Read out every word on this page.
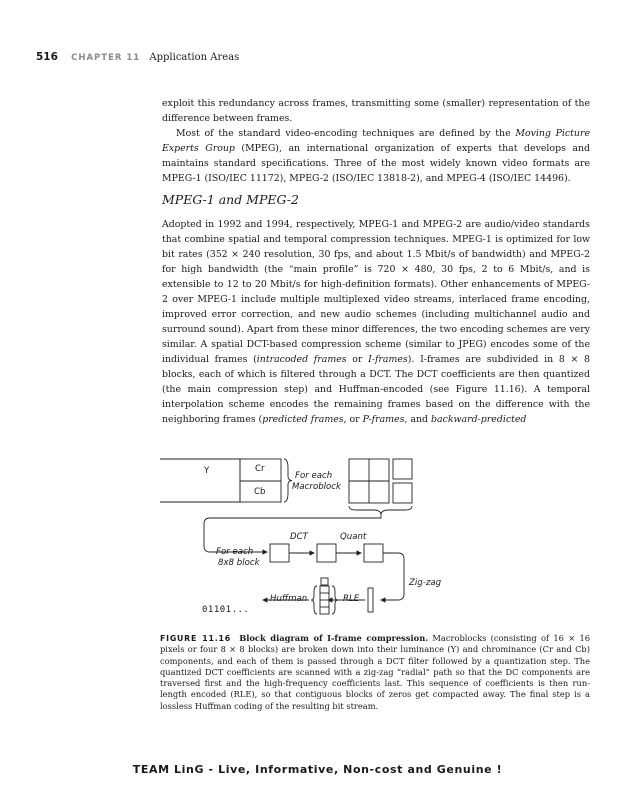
516 CHAPTER 11 Application Areas

exploit this redundancy across frames, transmitting some (smaller) representation of the difference between frames.

Most of the standard video-encoding techniques are defined by the Moving Picture Experts Group (MPEG), an international organization of experts that develops and maintains standard specifications. Three of the most widely known video formats are MPEG-1 (ISO/IEC 11172), MPEG-2 (ISO/IEC 13818-2), and MPEG-4 (ISO/IEC 14496).

MPEG-1 and MPEG-2

Adopted in 1992 and 1994, respectively, MPEG-1 and MPEG-2 are audio/video standards that combine spatial and temporal compression techniques. MPEG-1 is optimized for low bit rates (352 × 240 resolution, 30 fps, and about 1.5 Mbit/s of bandwidth) and MPEG-2 for high bandwidth (the “main profile” is 720 × 480, 30 fps, 2 to 6 Mbit/s, and is extensible to 12 to 20 Mbit/s for high-definition formats). Other enhancements of MPEG-2 over MPEG-1 include multiple multiplexed video streams, interlaced frame encoding, improved error correction, and new audio schemes (including multichannel audio and surround sound). Apart from these minor differences, the two encoding schemes are very similar. A spatial DCT-based compression scheme (similar to JPEG) encodes some of the individual frames (intracoded frames or I-frames). I-frames are subdivided in 8 × 8 blocks, each of which is filtered through a DCT. The DCT coefficients are then quantized (the main compression step) and Huffman-encoded (see Figure 11.16). A temporal interpolation scheme encodes the remaining frames based on the difference with the neighboring frames (predicted frames, or P-frames, and backward-predicted

Y	Cr
Cb
For each
Macroblock
DCT	Quant
For each
8x8 block
Zig-zag
Huffman	RLE
01101...
FIGURE 11.16 Block diagram of I-frame compression. Macroblocks (consisting of 16 × 16 pixels or four 8 × 8 blocks) are broken down into their luminance (Y) and chrominance (Cr and Cb) components, and each of them is passed through a DCT filter followed by a quantization step. The quantized DCT coefficients are scanned with a zig-zag “radial” path so that the DC components are traversed first and the high-frequency coefficients last. This sequence of coefficients is then run-length encoded (RLE), so that contiguous blocks of zeros get compacted away. The final step is a lossless Huffman coding of the resulting bit stream.
TEAM LinG - Live, Informative, Non-cost and Genuine !
